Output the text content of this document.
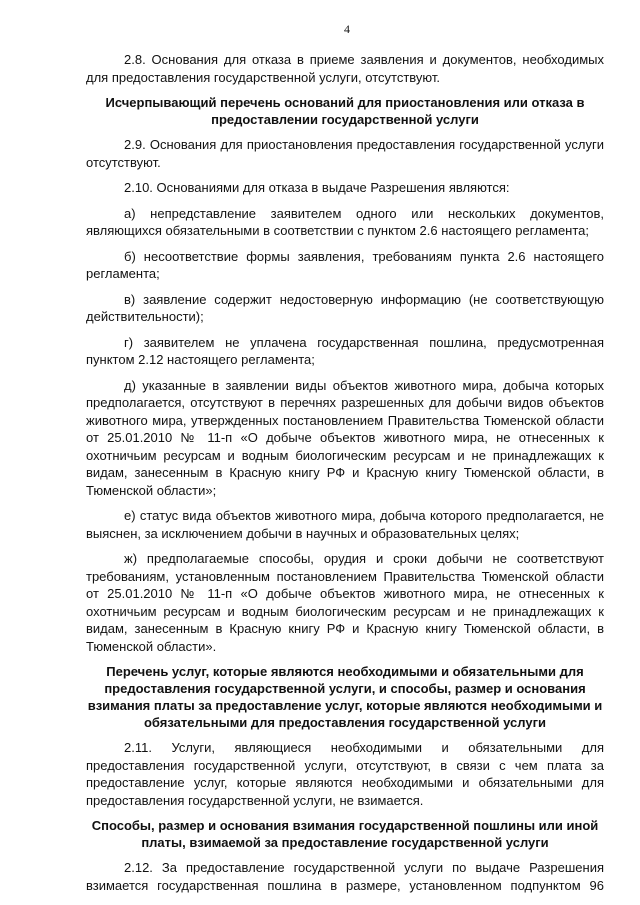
4

2.8. Основания для отказа в приеме заявления и документов, необходимых для предоставления государственной услуги, отсутствуют.

Исчерпывающий перечень оснований для приостановления или отказа в предоставлении государственной услуги

2.9. Основания для приостановления предоставления государственной услуги отсутствуют.

2.10. Основаниями для отказа в выдаче Разрешения являются:

а) непредставление заявителем одного или нескольких документов, являющихся обязательными в соответствии с пунктом 2.6 настоящего регламента;

б) несоответствие формы заявления, требованиям пункта 2.6 настоящего регламента;

в) заявление содержит недостоверную информацию (не соответствующую действительности);

г) заявителем не уплачена государственная пошлина, предусмотренная пунктом 2.12 настоящего регламента;

д) указанные в заявлении виды объектов животного мира, добыча которых предполагается, отсутствуют в перечнях разрешенных для добычи видов объектов животного мира, утвержденных постановлением Правительства Тюменской области от 25.01.2010 № 11-п «О добыче объектов животного мира, не отнесенных к охотничьим ресурсам и водным биологическим ресурсам и не принадлежащих к видам, занесенным в Красную книгу РФ и Красную книгу Тюменской области, в Тюменской области»;

е) статус вида объектов животного мира, добыча которого предполагается, не выяснен, за исключением добычи в научных и образовательных целях;

ж) предполагаемые способы, орудия и сроки добычи не соответствуют требованиям, установленным постановлением Правительства Тюменской области от 25.01.2010 № 11-п «О добыче объектов животного мира, не отнесенных к охотничьим ресурсам и водным биологическим ресурсам и не принадлежащих к видам, занесенным в Красную книгу РФ и Красную книгу Тюменской области, в Тюменской области».

Перечень услуг, которые являются необходимыми и обязательными для предоставления государственной услуги, и способы, размер и основания взимания платы за предоставление услуг, которые являются необходимыми и обязательными для предоставления государственной услуги

2.11. Услуги, являющиеся необходимыми и обязательными для предоставления государственной услуги, отсутствуют, в связи с чем плата за предоставление услуг, которые являются необходимыми и обязательными для предоставления государственной услуги, не взимается.

Способы, размер и основания взимания государственной пошлины или иной платы, взимаемой за предоставление государственной услуги

2.12. За предоставление государственной услуги по выдаче Разрешения взимается государственная пошлина в размере, установленном подпунктом 96
